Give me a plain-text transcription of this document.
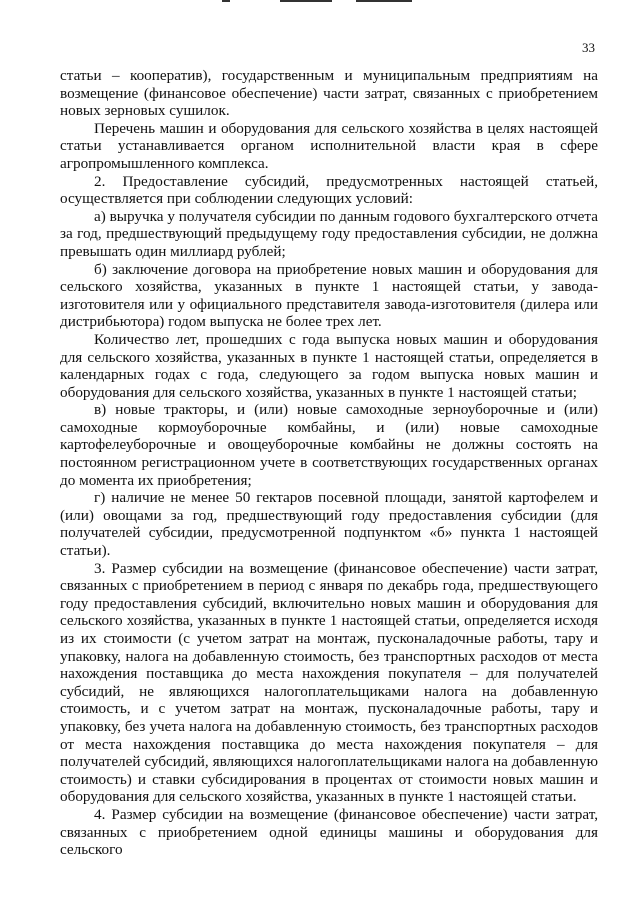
33

статьи – кооператив), государственным и муниципальным предприятиям на возмещение (финансовое обеспечение) части затрат, связанных с приобретением новых зерновых сушилок.

Перечень машин и оборудования для сельского хозяйства в целях настоящей статьи устанавливается органом исполнительной власти края в сфере агропромышленного комплекса.

2. Предоставление субсидий, предусмотренных настоящей статьей, осуществляется при соблюдении следующих условий:

а) выручка у получателя субсидии по данным годового бухгалтерского отчета за год, предшествующий предыдущему году предоставления субсидии, не должна превышать один миллиард рублей;

б) заключение договора на приобретение новых машин и оборудования для сельского хозяйства, указанных в пункте 1 настоящей статьи, у завода-изготовителя или у официального представителя завода-изготовителя (дилера или дистрибьютора) годом выпуска не более трех лет.

Количество лет, прошедших с года выпуска новых машин и оборудования для сельского хозяйства, указанных в пункте 1 настоящей статьи, определяется в календарных годах с года, следующего за годом выпуска новых машин и оборудования для сельского хозяйства, указанных в пункте 1 настоящей статьи;

в) новые тракторы, и (или) новые самоходные зерноуборочные и (или) самоходные кормоуборочные комбайны, и (или) новые самоходные картофелеуборочные и овощеуборочные комбайны не должны состоять на постоянном регистрационном учете в соответствующих государственных органах до момента их приобретения;

г) наличие не менее 50 гектаров посевной площади, занятой картофелем и (или) овощами за год, предшествующий году предоставления субсидии (для получателей субсидии, предусмотренной подпунктом «б» пункта 1 настоящей статьи).

3. Размер субсидии на возмещение (финансовое обеспечение) части затрат, связанных с приобретением в период с января по декабрь года, предшествующего году предоставления субсидий, включительно новых машин и оборудования для сельского хозяйства, указанных в пункте 1 настоящей статьи, определяется исходя из их стоимости (с учетом затрат на монтаж, пусконаладочные работы, тару и упаковку, налога на добавленную стоимость, без транспортных расходов от места нахождения поставщика до места нахождения покупателя – для получателей субсидий, не являющихся налогоплательщиками налога на добавленную стоимость, и с учетом затрат на монтаж, пусконаладочные работы, тару и упаковку, без учета налога на добавленную стоимость, без транспортных расходов от места нахождения поставщика до места нахождения покупателя – для получателей субсидий, являющихся налогоплательщиками налога на добавленную стоимость) и ставки субсидирования в процентах от стоимости новых машин и оборудования для сельского хозяйства, указанных в пункте 1 настоящей статьи.

4. Размер субсидии на возмещение (финансовое обеспечение) части затрат, связанных с приобретением одной единицы машины и оборудования для сельского
